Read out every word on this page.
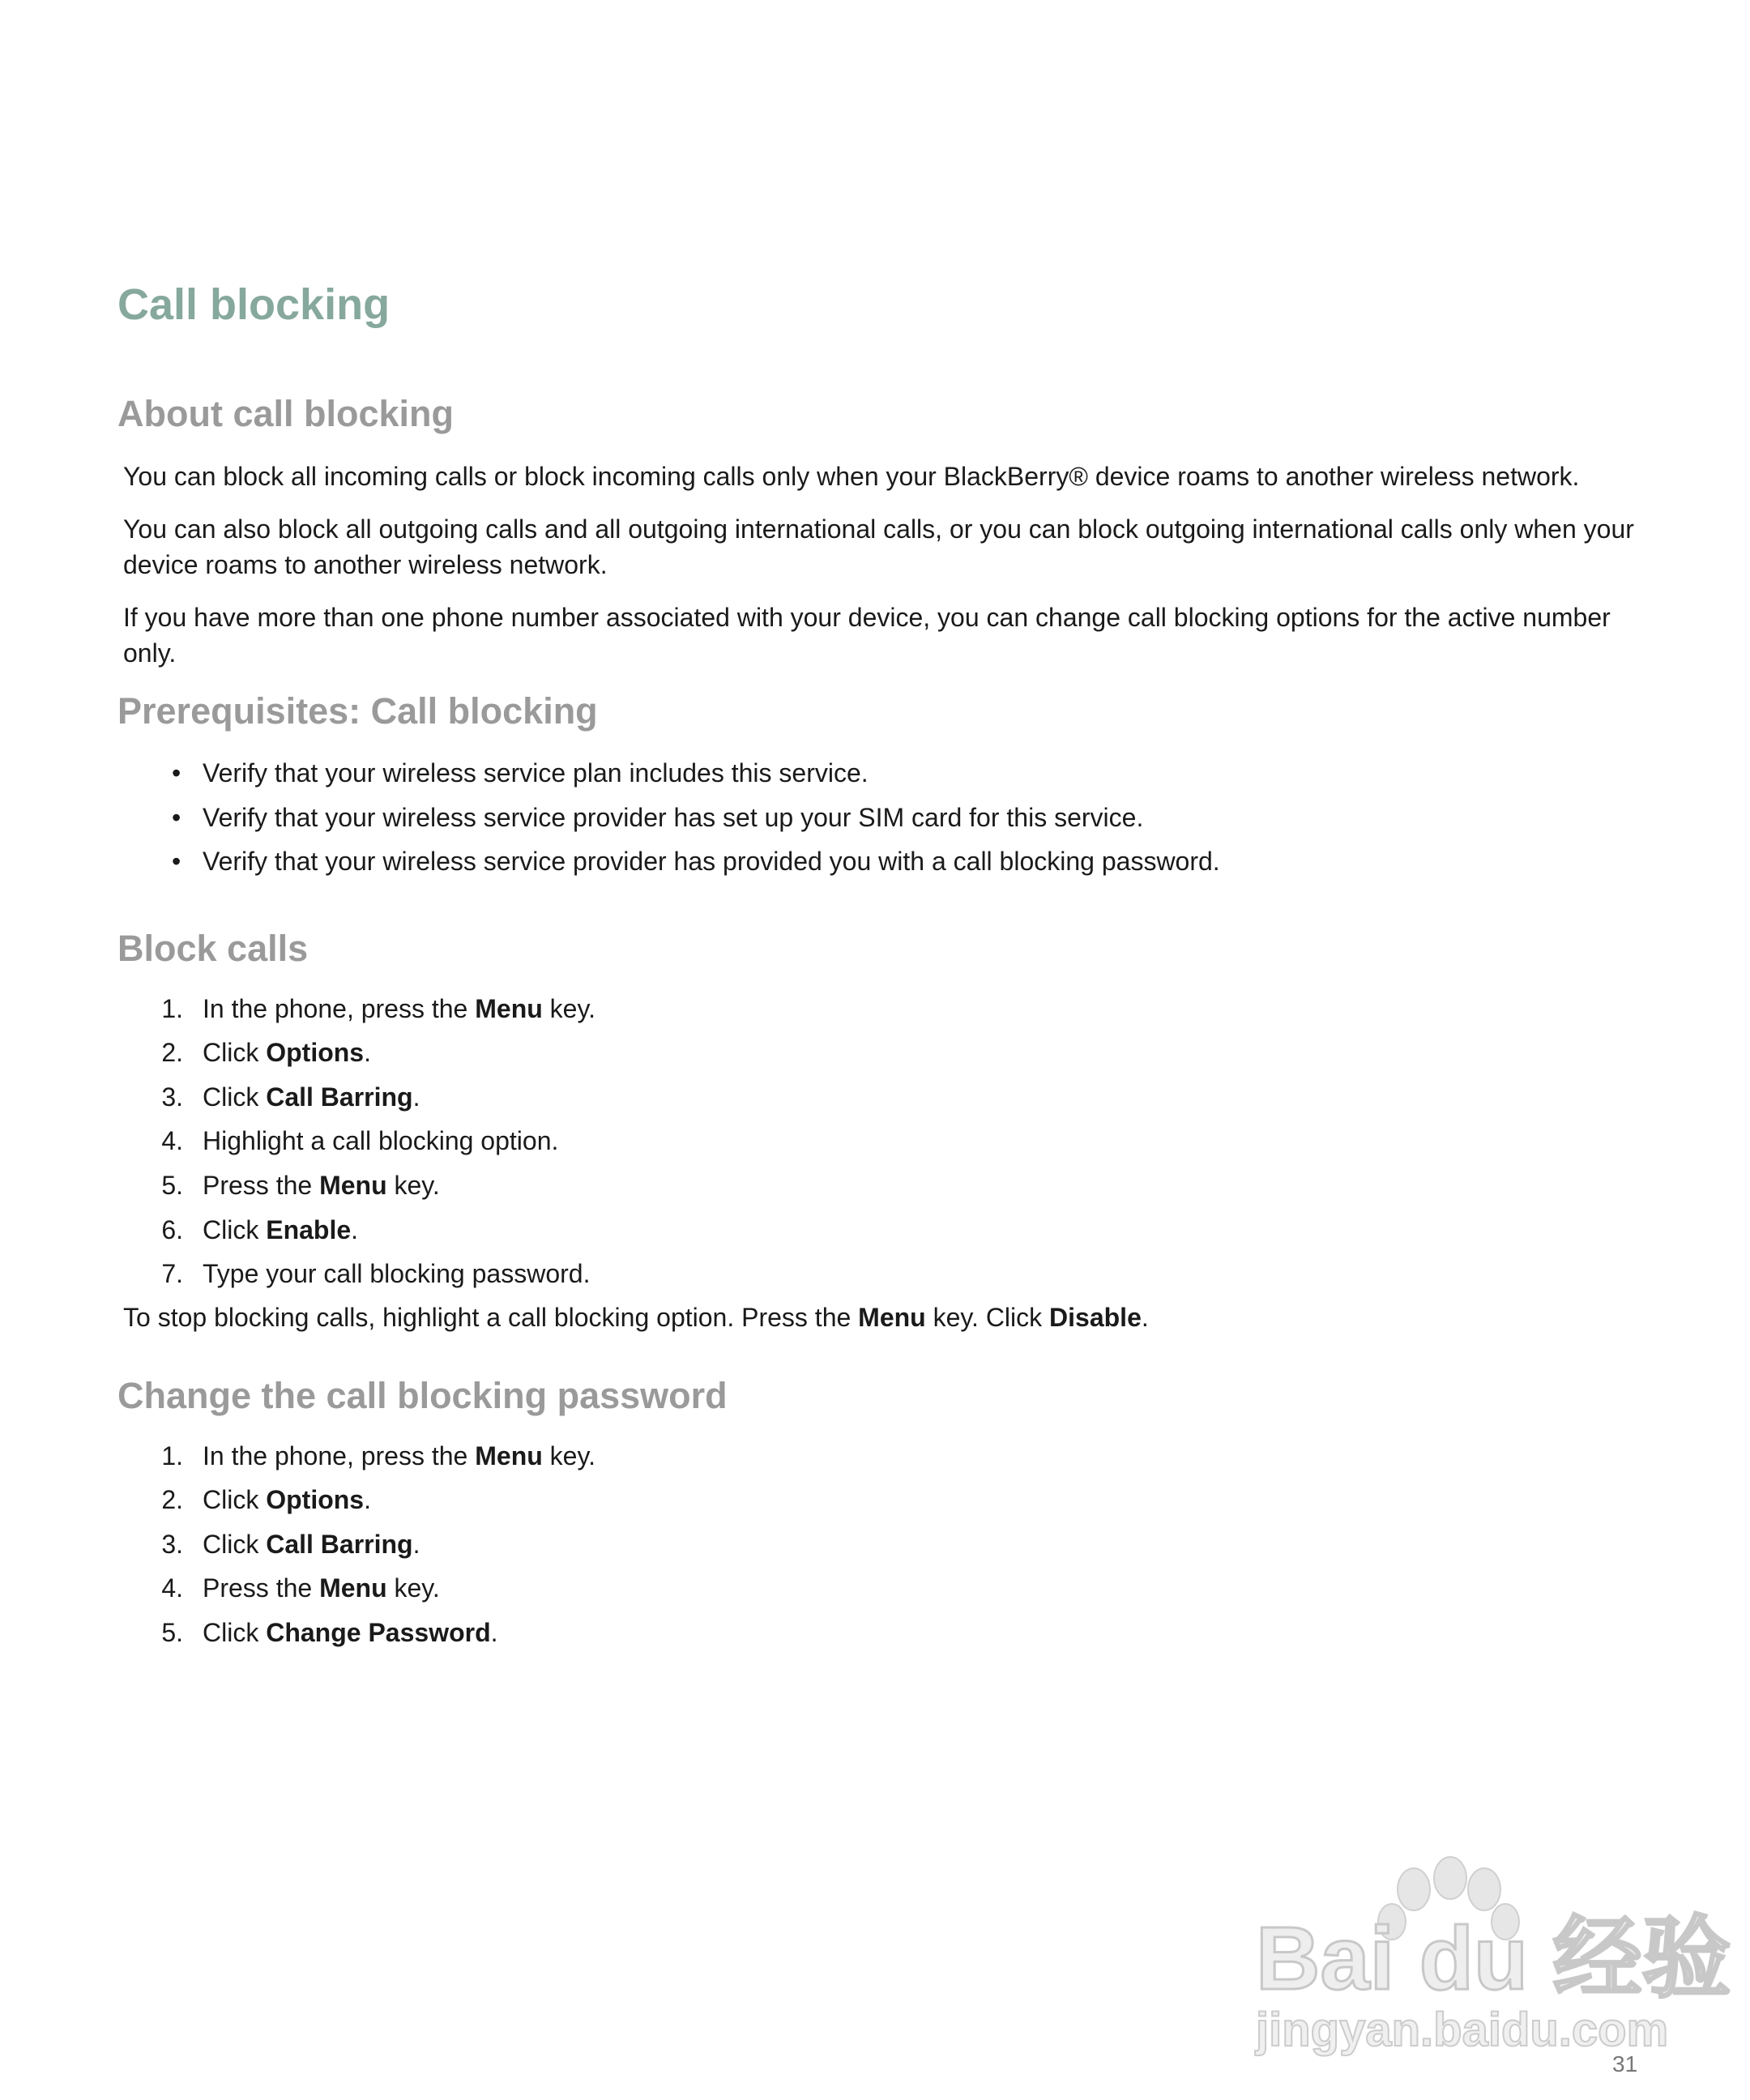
Call blocking
About call blocking

You can block all incoming calls or block incoming calls only when your BlackBerry® device roams to another wireless network.

You can also block all outgoing calls and all outgoing international calls, or you can block outgoing international calls only when your device roams to another wireless network.

If you have more than one phone number associated with your device, you can change call blocking options for the active number only.

Prerequisites: Call blocking
• Verify that your wireless service plan includes this service.
• Verify that your wireless service provider has set up your SIM card for this service.
• Verify that your wireless service provider has provided you with a call blocking password.
Block calls
1. In the phone, press the Menu key.
2. Click Options.
3. Click Call Barring.
4. Highlight a call blocking option.
5. Press the Menu key.
6. Click Enable.
7. Type your call blocking password.

To stop blocking calls, highlight a call blocking option. Press the Menu key. Click Disable.

Change the call blocking password
1. In the phone, press the Menu key.
2. Click Options.
3. Click Call Barring.
4. Press the Menu key.
5. Click Change Password.
Bai du 经验
jingyan.baidu.com
31
